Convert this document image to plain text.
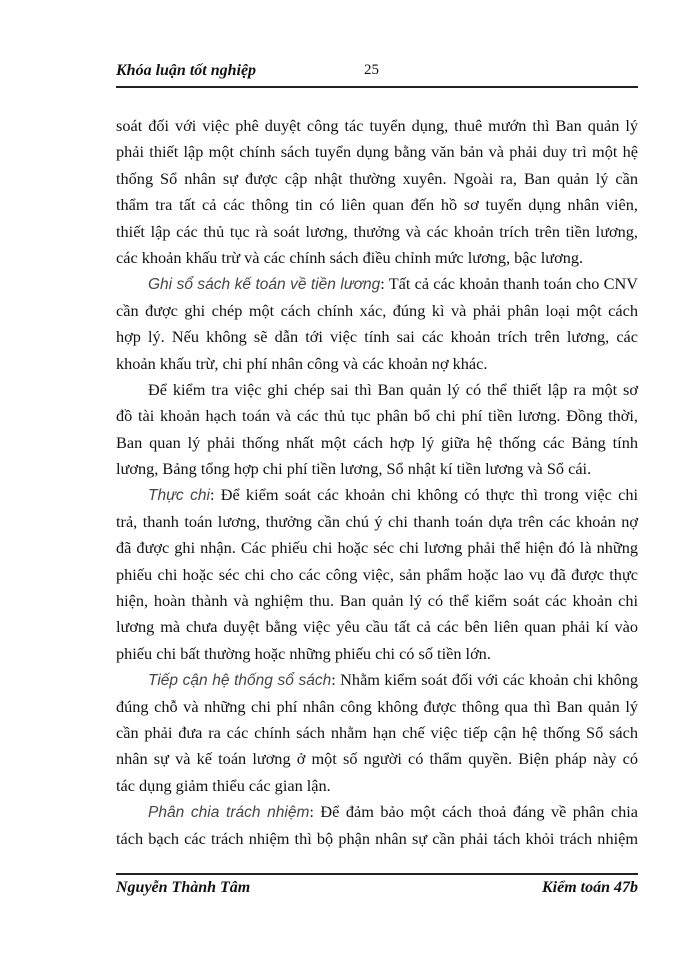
Khóa luận tốt nghiệp	25
soát đối với việc phê duyệt công tác tuyển dụng, thuê mướn thì Ban quản lý
phải thiết lập một chính sách tuyển dụng bằng văn bản và phải duy trì một hệ
thống Sổ nhân sự được cập nhật thường xuyên. Ngoài ra, Ban quản lý cần
thẩm tra tất cả các thông tin có liên quan đến hồ sơ tuyển dụng nhân viên,
thiết lập các thủ tục rà soát lương, thưởng và các khoản trích trên tiền lương,
các khoản khấu trừ và các chính sách điều chỉnh mức lương, bậc lương.
Ghi sổ sách kế toán về tiền lương: Tất cả các khoản thanh toán cho CNV
cần được ghi chép một cách chính xác, đúng kì và phải phân loại một cách
hợp lý. Nếu không sẽ dẫn tới việc tính sai các khoản trích trên lương, các
khoản khấu trừ, chi phí nhân công và các khoản nợ khác.
Để kiểm tra việc ghi chép sai thì Ban quản lý có thể thiết lập ra một sơ
đồ tài khoản hạch toán và các thủ tục phân bổ chi phí tiền lương. Đồng thời,
Ban quan lý phải thống nhất một cách hợp lý giữa hệ thống các Bảng tính
lương, Bảng tổng hợp chi phí tiền lương, Sổ nhật kí tiền lương và Sổ cái.
Thực chi: Để kiểm soát các khoản chi không có thực thì trong việc chi
trả, thanh toán lương, thưởng cần chú ý chi thanh toán dựa trên các khoản nợ
đã được ghi nhận. Các phiếu chi hoặc séc chi lương phải thể hiện đó là những
phiếu chi hoặc séc chi cho các công việc, sản phẩm hoặc lao vụ đã được thực
hiện, hoàn thành và nghiệm thu. Ban quản lý có thể kiểm soát các khoản chi
lương mà chưa duyệt bằng việc yêu cầu tất cả các bên liên quan phải kí vào
phiếu chi bất thường hoặc những phiếu chi có số tiền lớn.
Tiếp cận hệ thống sổ sách: Nhằm kiểm soát đối với các khoản chi không
đúng chỗ và những chi phí nhân công không được thông qua thì Ban quản lý
cần phải đưa ra các chính sách nhằm hạn chế việc tiếp cận hệ thống Sổ sách
nhân sự và kế toán lương ở một số người có thẩm quyền. Biện pháp này có
tác dụng giảm thiểu các gian lận.
Phân chia trách nhiệm: Để đảm bảo một cách thoả đáng về phân chia
tách bạch các trách nhiệm thì bộ phận nhân sự cần phải tách khỏi trách nhiệm
Nguyễn Thành Tâm	Kiểm toán 47b
